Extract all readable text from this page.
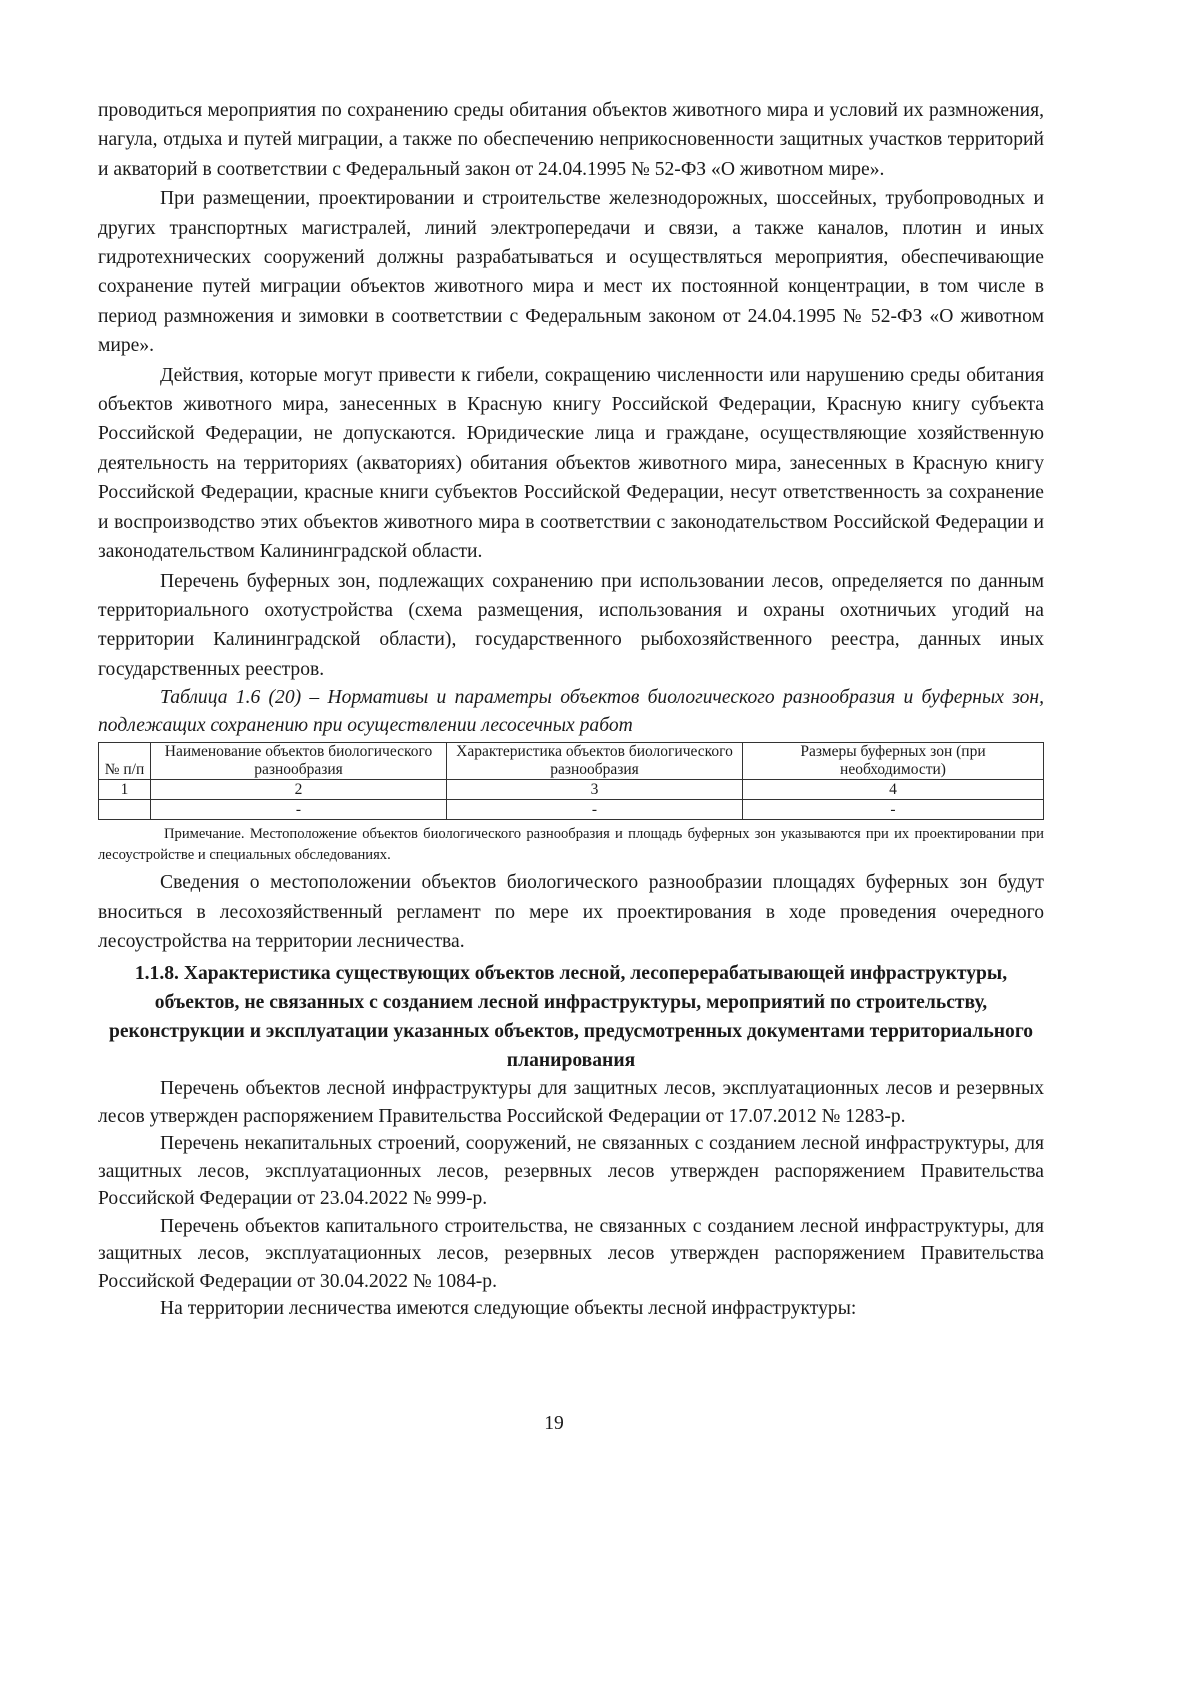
проводиться мероприятия по сохранению среды обитания объектов животного мира и условий их размножения, нагула, отдыха и путей миграции, а также по обеспечению неприкосновенности защитных участков территорий и акваторий в соответствии с Федеральный закон от 24.04.1995 № 52-ФЗ «О животном мире».

При размещении, проектировании и строительстве железнодорожных, шоссейных, трубопроводных и других транспортных магистралей, линий электропередачи и связи, а также каналов, плотин и иных гидротехнических сооружений должны разрабатываться и осуществляться мероприятия, обеспечивающие сохранение путей миграции объектов животного мира и мест их постоянной концентрации, в том числе в период размножения и зимовки в соответствии с Федеральным законом от 24.04.1995 № 52-ФЗ «О животном мире».

Действия, которые могут привести к гибели, сокращению численности или нарушению среды обитания объектов животного мира, занесенных в Красную книгу Российской Федерации, Красную книгу субъекта Российской Федерации, не допускаются. Юридические лица и граждане, осуществляющие хозяйственную деятельность на территориях (акваториях) обитания объектов животного мира, занесенных в Красную книгу Российской Федерации, красные книги субъектов Российской Федерации, несут ответственность за сохранение и воспроизводство этих объектов животного мира в соответствии с законодательством Российской Федерации и законодательством Калининградской области.

Перечень буферных зон, подлежащих сохранению при использовании лесов, определяется по данным территориального охотустройства (схема размещения, использования и охраны охотничьих угодий на территории Калининградской области), государственного рыбохозяйственного реестра, данных иных государственных реестров.

Таблица 1.6 (20) – Нормативы и параметры объектов биологического разнообразия и буферных зон, подлежащих сохранению при осуществлении лесосечных работ

№ п/п	Наименование объектов биологического разнообразия	Характеристика объектов биологического разнообразия	Размеры буферных зон (при необходимости)
1	2	3	4
	-	-	-

Примечание. Местоположение объектов биологического разнообразия и площадь буферных зон указываются при их проектировании при лесоустройстве и специальных обследованиях.

Сведения о местоположении объектов биологического разнообразии площадях буферных зон будут вноситься в лесохозяйственный регламент по мере их проектирования в ходе проведения очередного лесоустройства на территории лесничества.

1.1.8. Характеристика существующих объектов лесной, лесоперерабатывающей инфраструктуры, объектов, не связанных с созданием лесной инфраструктуры, мероприятий по строительству, реконструкции и эксплуатации указанных объектов, предусмотренных документами территориального планирования

Перечень объектов лесной инфраструктуры для защитных лесов, эксплуатационных лесов и резервных лесов утвержден распоряжением Правительства Российской Федерации от 17.07.2012 № 1283-р.

Перечень некапитальных строений, сооружений, не связанных с созданием лесной инфраструктуры, для защитных лесов, эксплуатационных лесов, резервных лесов утвержден распоряжением Правительства Российской Федерации от 23.04.2022 № 999-р.

Перечень объектов капитального строительства, не связанных с созданием лесной инфраструктуры, для защитных лесов, эксплуатационных лесов, резервных лесов утвержден распоряжением Правительства Российской Федерации от 30.04.2022 № 1084-р.

На территории лесничества имеются следующие объекты лесной инфраструктуры:

19
